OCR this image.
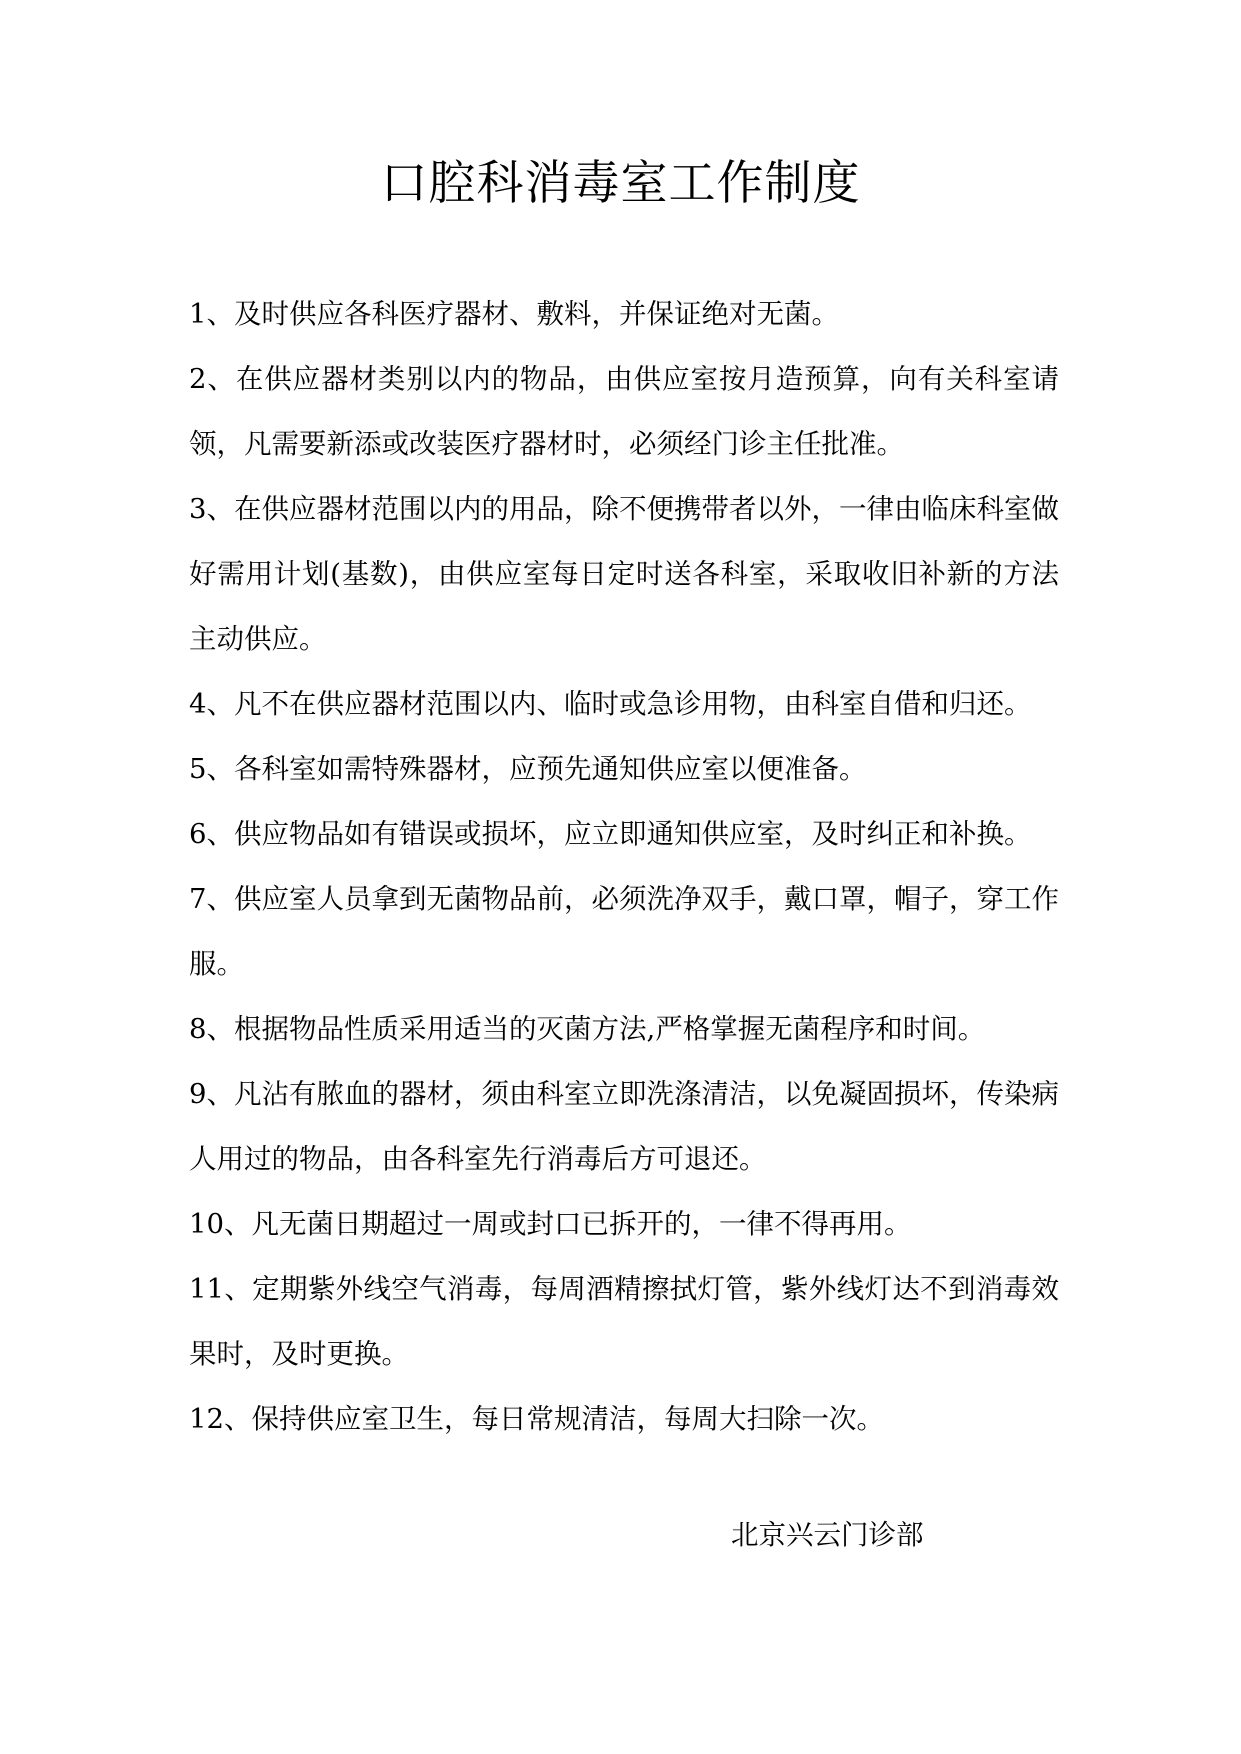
口腔科消毒室工作制度
1、及时供应各科医疗器材、敷料，并保证绝对无菌。
2、在供应器材类别以内的物品，由供应室按月造预算，向有关科室请领，凡需要新添或改装医疗器材时，必须经门诊主任批准。
3、在供应器材范围以内的用品，除不便携带者以外，一律由临床科室做好需用计划(基数)，由供应室每日定时送各科室，采取收旧补新的方法主动供应。
4、凡不在供应器材范围以内、临时或急诊用物，由科室自借和归还。
5、各科室如需特殊器材，应预先通知供应室以便准备。
6、供应物品如有错误或损坏，应立即通知供应室，及时纠正和补换。
7、供应室人员拿到无菌物品前，必须洗净双手，戴口罩，帽子，穿工作服。
8、根据物品性质采用适当的灭菌方法,严格掌握无菌程序和时间。
9、凡沾有脓血的器材，须由科室立即洗涤清洁，以免凝固损坏，传染病人用过的物品，由各科室先行消毒后方可退还。
10、凡无菌日期超过一周或封口已拆开的，一律不得再用。
11、定期紫外线空气消毒，每周酒精擦拭灯管，紫外线灯达不到消毒效果时，及时更换。
12、保持供应室卫生，每日常规清洁，每周大扫除一次。
北京兴云门诊部
